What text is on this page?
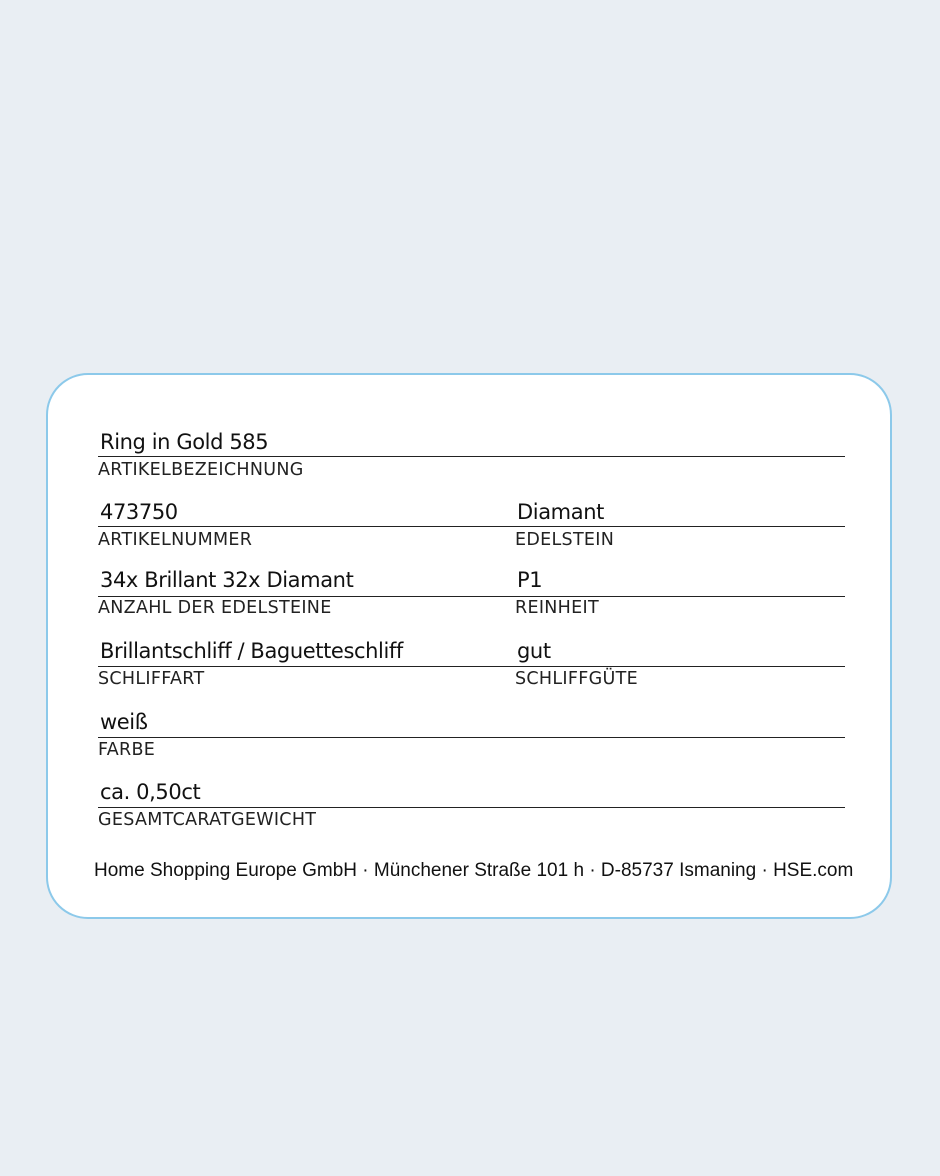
Ring in Gold 585
ARTIKELBEZEICHNUNG
473750
ARTIKELNUMMER
Diamant
EDELSTEIN
34x Brillant 32x Diamant
ANZAHL DER EDELSTEINE
P1
REINHEIT
Brillantschliff / Baguetteschliff
SCHLIFFART
gut
SCHLIFFGÜTE
weiß
FARBE
ca. 0,50ct
GESAMTCARATGEWICHT
Home Shopping Europe GmbH · Münchener Straße 101 h · D-85737 Ismaning · HSE.com
